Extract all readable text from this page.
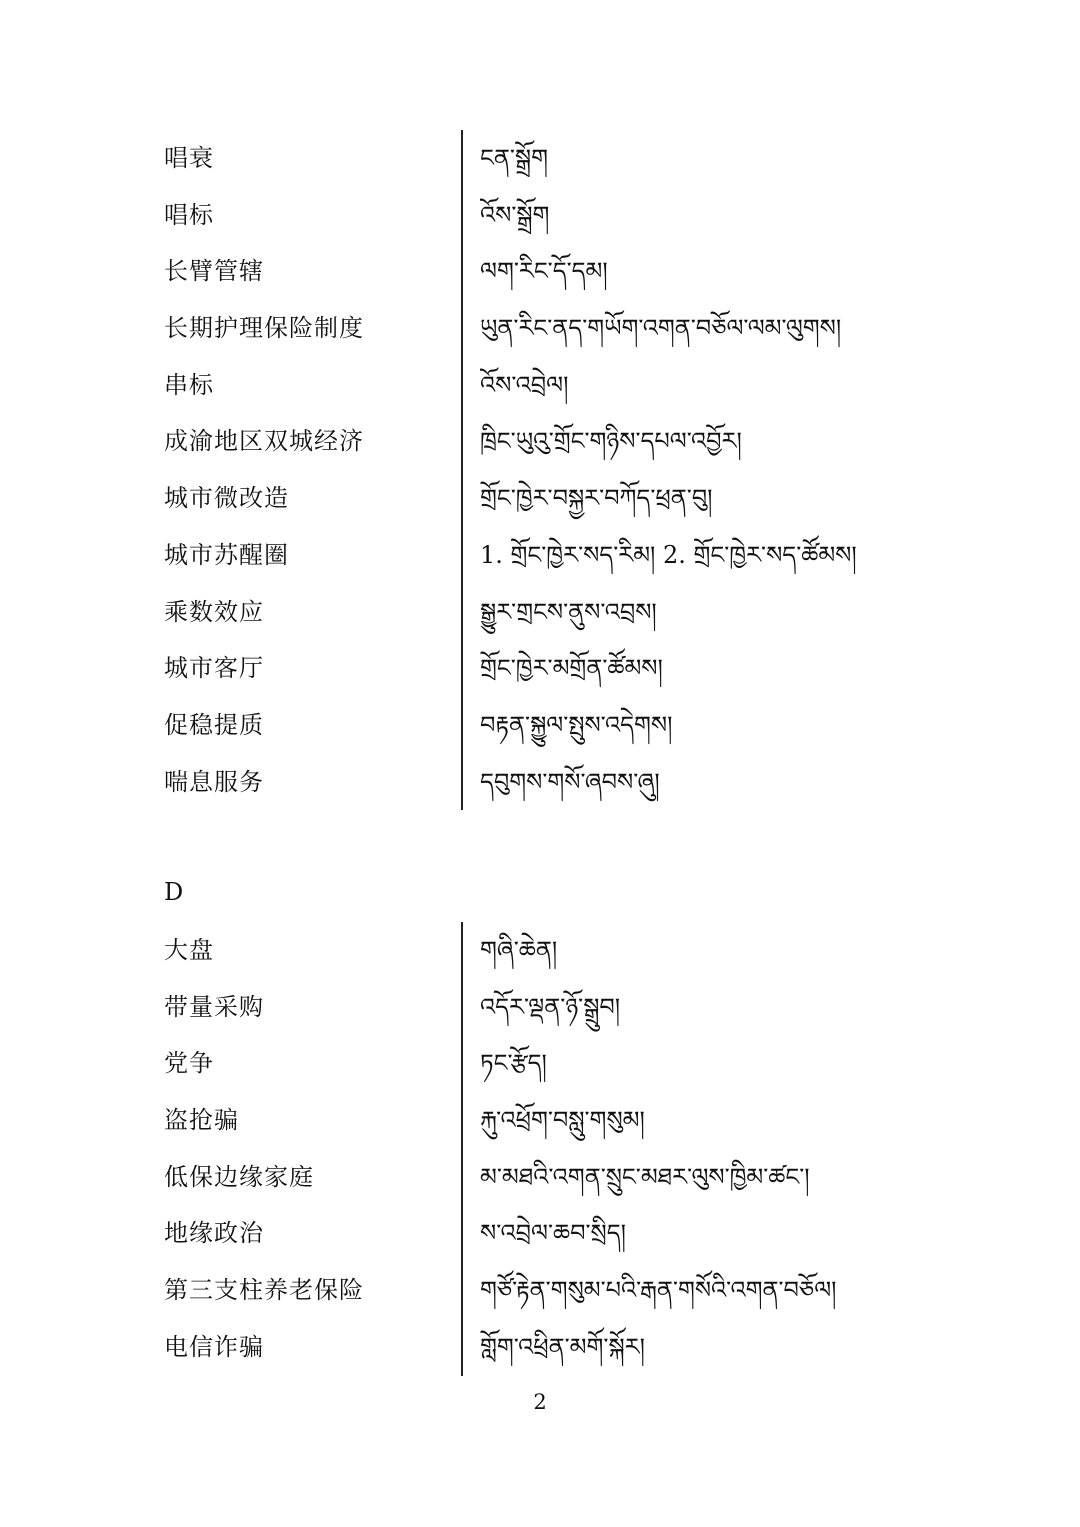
唱衰	ངན་སྒྲོག
唱标	འོས་སྒྲོག
长臂管辖	ལག་རིང་དོ་དམ།
长期护理保险制度	ཡུན་རིང་ནད་གཡོག་འགན་བཅོལ་ལམ་ལུགས།
串标	འོས་འབྲེལ།
成渝地区双城经济	ཁྲིང་ཡུའུ་གྲོང་གཉིས་དཔལ་འབྱོར།
城市微改造	གྲོང་ཁྱེར་བསྐྱར་བཀོད་ཕྲན་བུ།
城市苏醒圈	1. གྲོང་ཁྱེར་སད་རིམ། 2. གྲོང་ཁྱེར་སད་ཚོམས།
乘数效应	སྒྱུར་གྲངས་ནུས་འབྲས།
城市客厅	གྲོང་ཁྱེར་མགྲོན་ཚོམས།
促稳提质	བརྟན་སྐྱུལ་སྤུས་འདེགས།
喘息服务	དབུགས་གསོ་ཞབས་ཞུ།
D
大盘	གཞི་ཆེན།
带量采购	འདོར་ལྡན་ཉོ་སྒྲུབ།
党争	ཏང་རྩོད།
盗抢骗	རྐུ་འཕྲོག་བསླུ་གསུམ།
低保边缘家庭	མ་མཐའི་འགན་སྲུང་མཐར་ལུས་ཁྱིམ་ཚང་།
地缘政治	ས་འབྲེལ་ཆབ་སྲིད།
第三支柱养老保险	གཙོ་རྟེན་གསུམ་པའི་རྒན་གསོའི་འགན་བཅོལ།
电信诈骗	གློག་འཕྲིན་མགོ་སྐོར།
2
